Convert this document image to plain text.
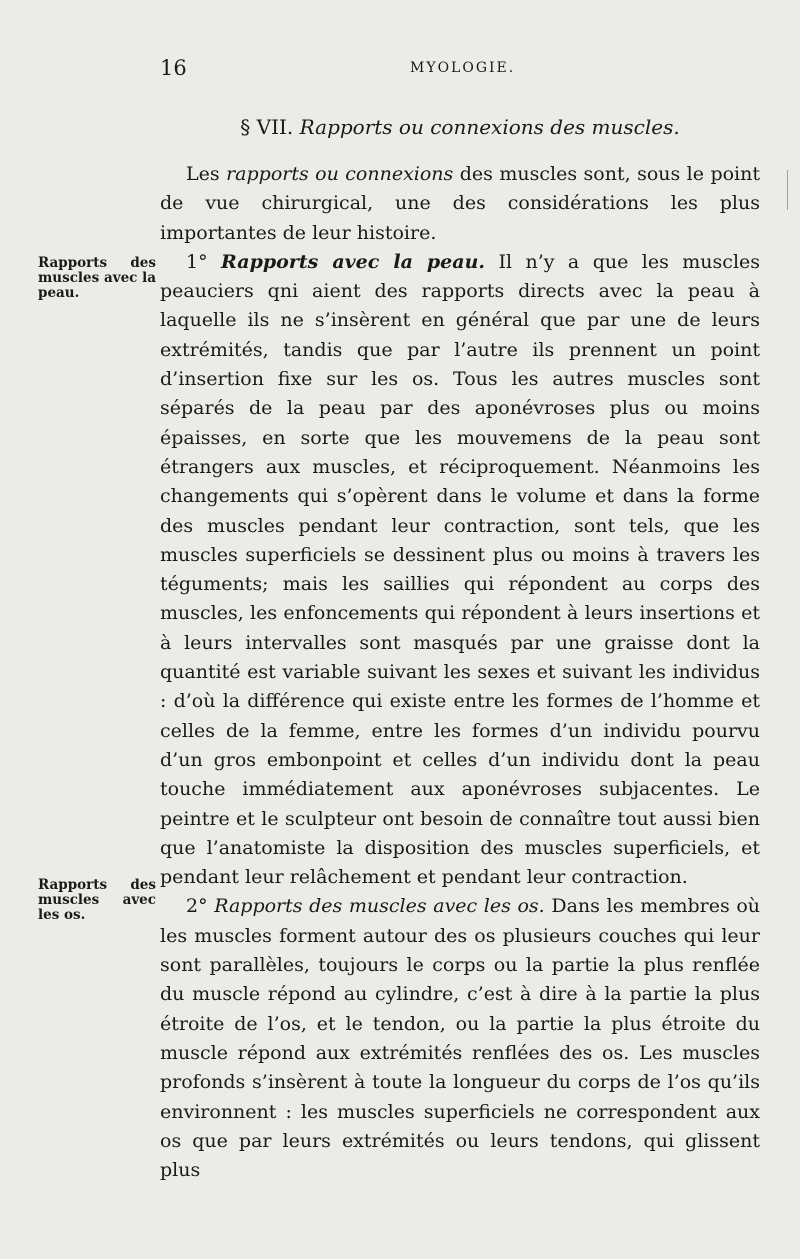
16	MYOLOGIE.
§ VII. Rapports ou connexions des muscles.

Les rapports ou connexions des muscles sont, sous le point de vue chirurgical, une des considérations les plus importantes de leur histoire.

1° Rapports avec la peau. Il n’y a que les muscles peauciers qni aient des rapports directs avec la peau à laquelle ils ne s’insèrent en général que par une de leurs extrémités, tandis que par l’autre ils prennent un point d’insertion fixe sur les os. Tous les autres muscles sont séparés de la peau par des aponévroses plus ou moins épaisses, en sorte que les mouvemens de la peau sont étrangers aux muscles, et réciproquement. Néanmoins les changements qui s’opèrent dans le volume et dans la forme des muscles pendant leur contraction, sont tels, que les muscles superficiels se dessinent plus ou moins à travers les téguments; mais les saillies qui répondent au corps des muscles, les enfoncements qui répondent à leurs insertions et à leurs intervalles sont masqués par une graisse dont la quantité est variable suivant les sexes et suivant les individus : d’où la différence qui existe entre les formes de l’homme et celles de la femme, entre les formes d’un individu pourvu d’un gros embonpoint et celles d’un individu dont la peau touche immédiatement aux aponévroses subjacentes. Le peintre et le sculpteur ont besoin de connaître tout aussi bien que l’anatomiste la disposition des muscles superficiels, et pendant leur relâchement et pendant leur contraction.

2° Rapports des muscles avec les os. Dans les membres où les muscles forment autour des os plusieurs couches qui leur sont parallèles, toujours le corps ou la partie la plus renflée du muscle répond au cylindre, c’est à dire à la partie la plus étroite de l’os, et le tendon, ou la partie la plus étroite du muscle répond aux extrémités renflées des os. Les muscles profonds s’insèrent à toute la longueur du corps de l’os qu’ils environnent : les muscles superficiels ne correspondent aux os que par leurs extrémités ou leurs tendons, qui glissent plus

Rapports des muscles avec la peau.
Rapports des muscles avec les os.
